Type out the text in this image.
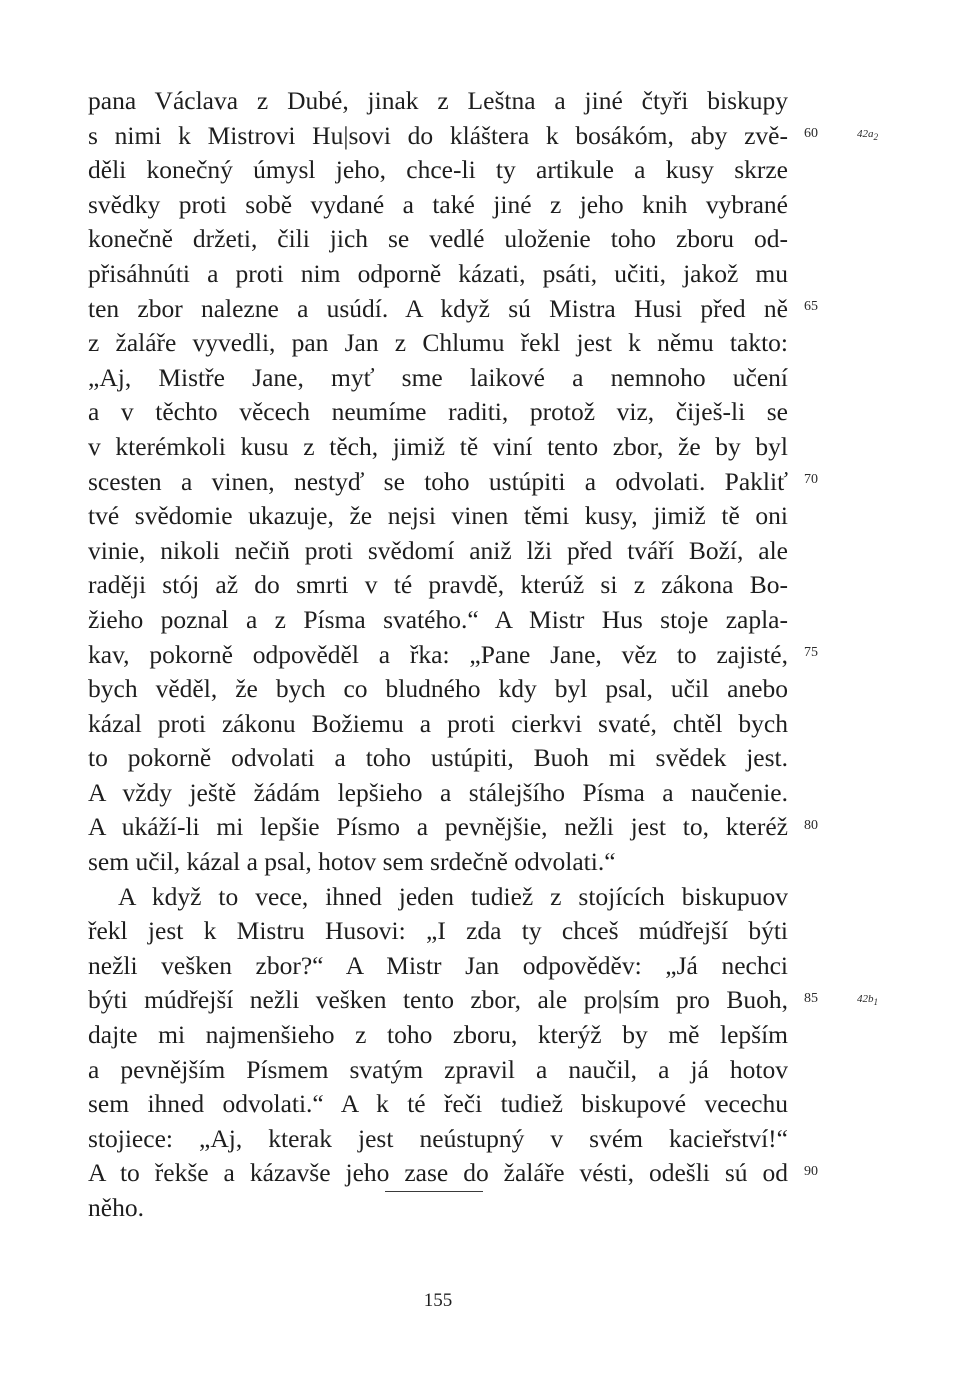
pana Václava z Dubé, jinak z Leštna a jiné čtyři biskupy
s nimi k Mistrovi Hu|sovi do kláštera k bosákóm, aby zvě-
děli konečný úmysl jeho, chce-li ty artikule a kusy skrze
svědky proti sobě vydané a také jiné z jeho knih vybrané
konečně držeti, čili jich se vedlé uloženie toho zboru od-
přisáhnúti a proti nim odporně kázati, psáti, učiti, jakož mu
ten zbor nalezne a usúdí. A když sú Mistra Husi před ně
z žaláře vyvedli, pan Jan z Chlumu řekl jest k němu takto:
„Aj, Mistře Jane, myť sme laikové a nemnoho učení
a v těchto věcech neumíme raditi, protož viz, čiješ-li se
v kterémkoli kusu z těch, jimiž tě viní tento zbor, že by byl
scesten a vinen, nestyď se toho ustúpiti a odvolati. Pakliť
tvé svědomie ukazuje, že nejsi vinen těmi kusy, jimiž tě oni
vinie, nikoli nečiň proti svědomí aniž lži před tváří Boží, ale
raději stój až do smrti v té pravdě, kterúž si z zákona Bo-
žieho poznal a z Písma svatého.“ A Mistr Hus stoje zapla-
kav, pokorně odpověděl a řka: „Pane Jane, věz to zajisté,
bych věděl, že bych co bludného kdy byl psal, učil anebo
kázal proti zákonu Božiemu a proti cierkvi svaté, chtěl bych
to pokorně odvolati a toho ustúpiti, Buoh mi svědek jest.
A vždy ještě žádám lepšieho a stálejšího Písma a naučenie.
A ukáží-li mi lepšie Písmo a pevnějšie, nežli jest to, kteréž
sem učil, kázal a psal, hotov sem srdečně odvolati.“
A když to vece, ihned jeden tudiež z stojících biskupuov
řekl jest k Mistru Husovi: „I zda ty chceš múdřejší býti
nežli vešken zbor?“ A Mistr Jan odpověděv: „Já nechci
býti múdřejší nežli vešken tento zbor, ale pro|sím pro Buoh,
dajte mi najmenšieho z toho zboru, kterýž by mě lepším
a pevnějším Písmem svatým zpravil a naučil, a já hotov
sem ihned odvolati.“ A k té řeči tudiež biskupové vecechu
stojiece: „Aj, kterak jest neústupný v svém kacieřství!“
A to řekše a kázavše jeho zase do žaláře vésti, odešli sú od
něho.
60
65
70
75
80
85
90
$42a_2$
$42b_1$
155
